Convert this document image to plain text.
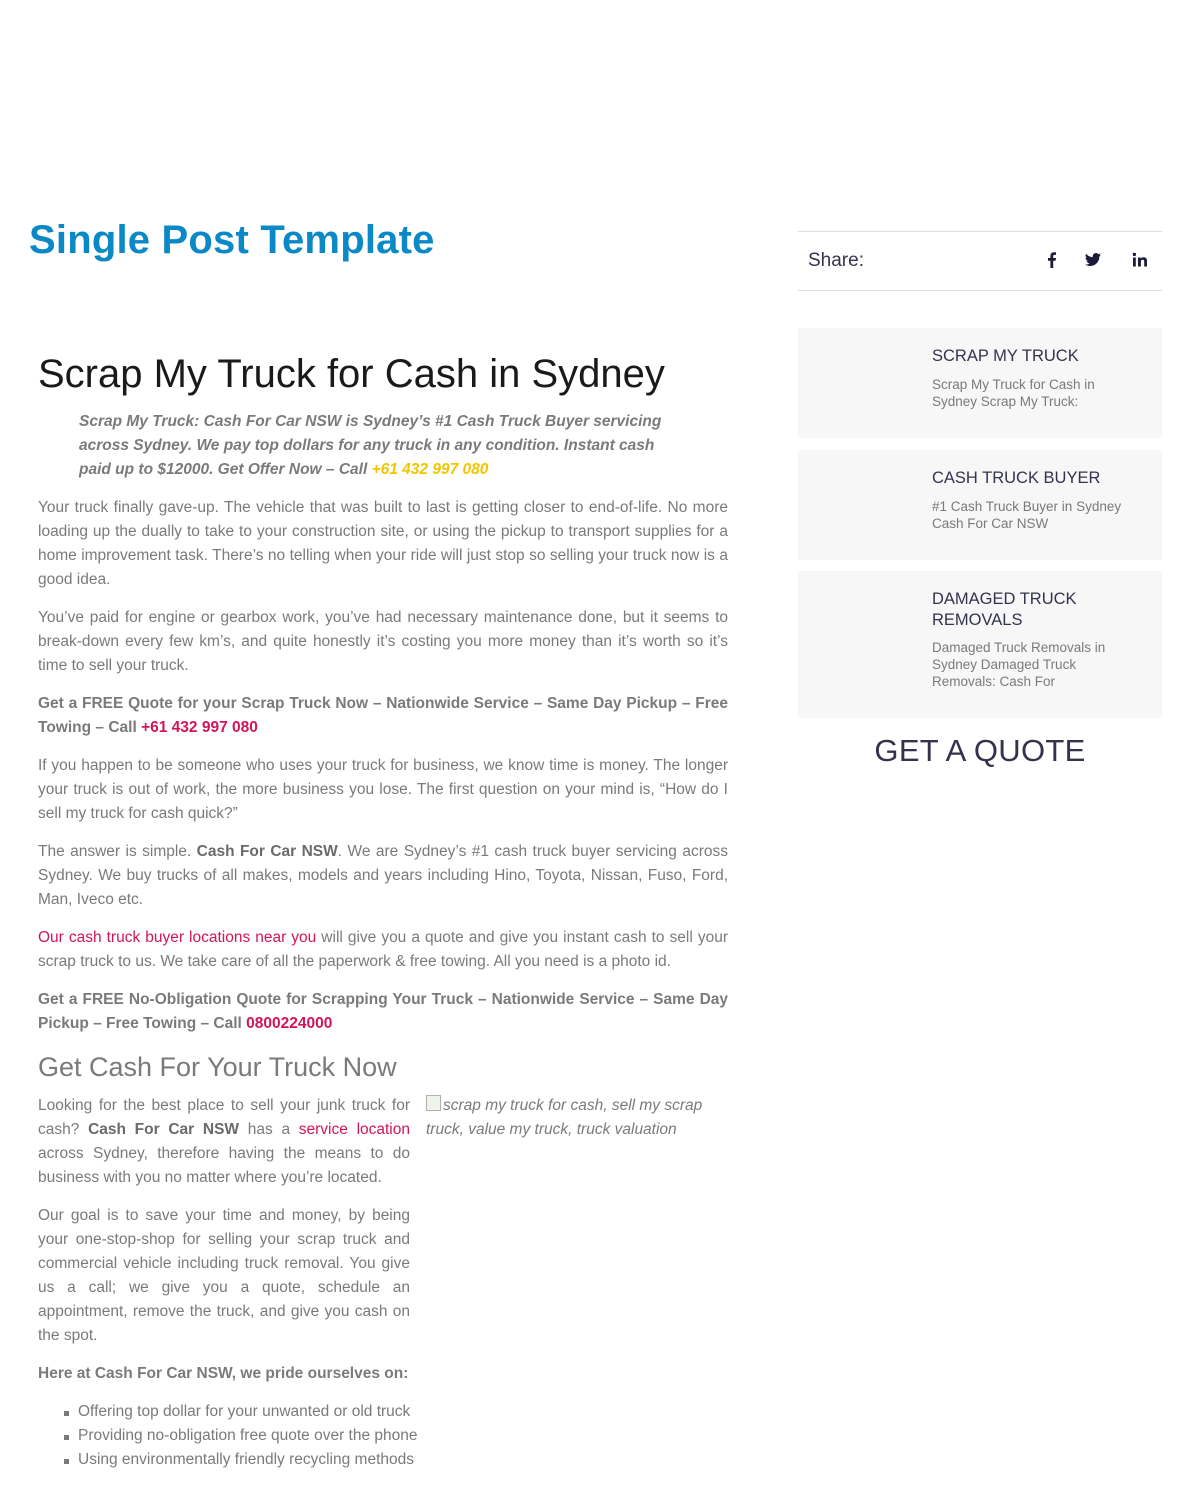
Single Post Template	Share:
SCRAP MY TRUCK
Scrap My Truck for Cash in Sydney Scrap My Truck:
CASH TRUCK BUYER
#1 Cash Truck Buyer in Sydney Cash For Car NSW
DAMAGED TRUCK REMOVALS
Damaged Truck Removals in Sydney Damaged Truck Removals: Cash For
GET A QUOTE
Scrap My Truck for Cash in Sydney

Scrap My Truck: Cash For Car NSW is Sydney’s #1 Cash Truck Buyer servicing across Sydney. We pay top dollars for any truck in any condition. Instant cash paid up to $12000. Get Offer Now – Call +61 432 997 080

Your truck finally gave-up. The vehicle that was built to last is getting closer to end-of-life. No more loading up the dually to take to your construction site, or using the pickup to transport supplies for a home improvement task. There’s no telling when your ride will just stop so selling your truck now is a good idea.

You’ve paid for engine or gearbox work, you’ve had necessary maintenance done, but it seems to break-down every few km’s, and quite honestly it’s costing you more money than it’s worth so it’s time to sell your truck.

Get a FREE Quote for your Scrap Truck Now – Nationwide Service – Same Day Pickup – Free Towing – Call +61 432 997 080

If you happen to be someone who uses your truck for business, we know time is money. The longer your truck is out of work, the more business you lose. The first question on your mind is, “How do I sell my truck for cash quick?”

The answer is simple. Cash For Car NSW. We are Sydney’s #1 cash truck buyer servicing across Sydney. We buy trucks of all makes, models and years including Hino, Toyota, Nissan, Fuso, Ford, Man, Iveco etc.

Our cash truck buyer locations near you will give you a quote and give you instant cash to sell your scrap truck to us. We take care of all the paperwork & free towing. All you need is a photo id.

Get a FREE No-Obligation Quote for Scrapping Your Truck – Nationwide Service – Same Day Pickup – Free Towing – Call 0800224000

Get Cash For Your Truck Now
scrap my truck for cash, sell my scrap truck, value my truck, truck valuation

Looking for the best place to sell your junk truck for cash? Cash For Car NSW has a service location across Sydney, therefore having the means to do business with you no matter where you’re located.

Our goal is to save your time and money, by being your one-stop-shop for selling your scrap truck and commercial vehicle including truck removal. You give us a call; we give you a quote, schedule an appointment, remove the truck, and give you cash on the spot.

Here at Cash For Car NSW, we pride ourselves on:

Offering top dollar for your unwanted or old truck
Providing no-obligation free quote over the phone
Using environmentally friendly recycling methods
